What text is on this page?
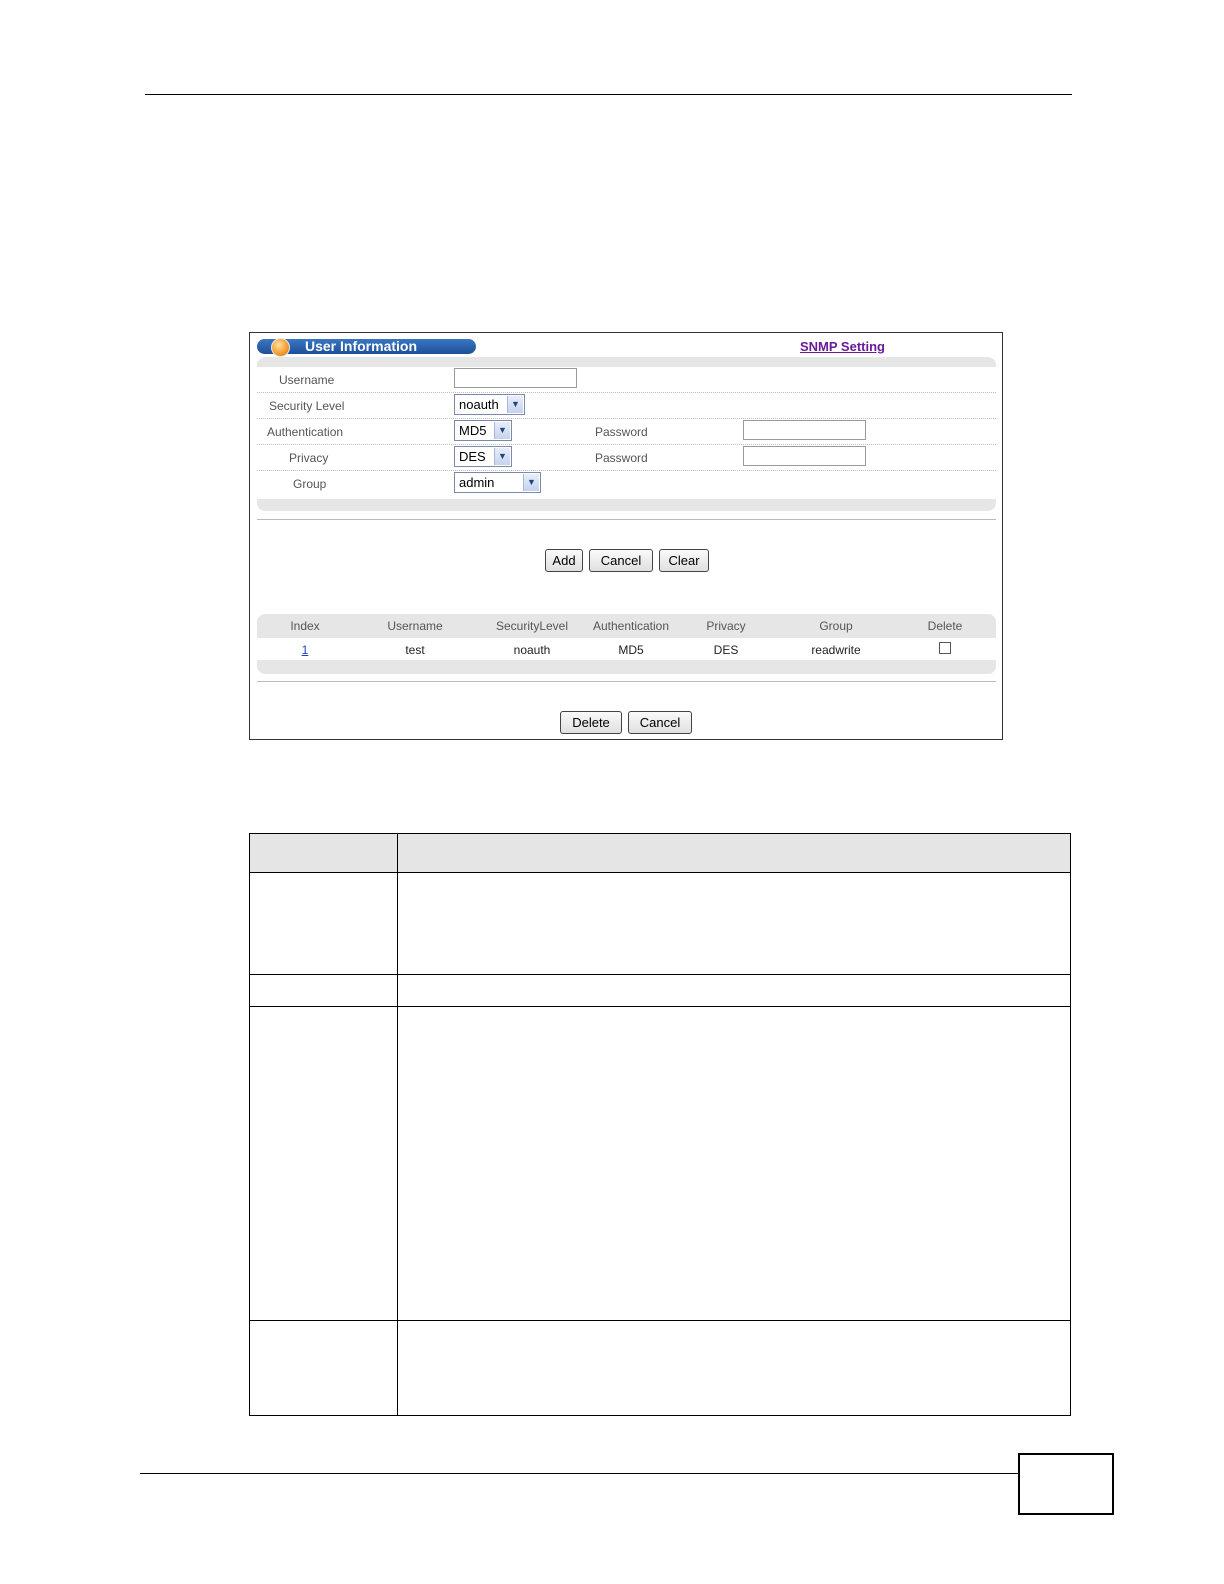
User Information	SNMP Setting
Username
Security Level	noauth	▼
Authentication	MD5	▼	Password
Privacy	DES	▼	Password
Group	admin	▼
Add	Cancel	Clear
Index	Username	SecurityLevel	Authentication	Privacy	Group	Delete
1	test	noauth	MD5	DES	readwrite
Delete	Cancel
